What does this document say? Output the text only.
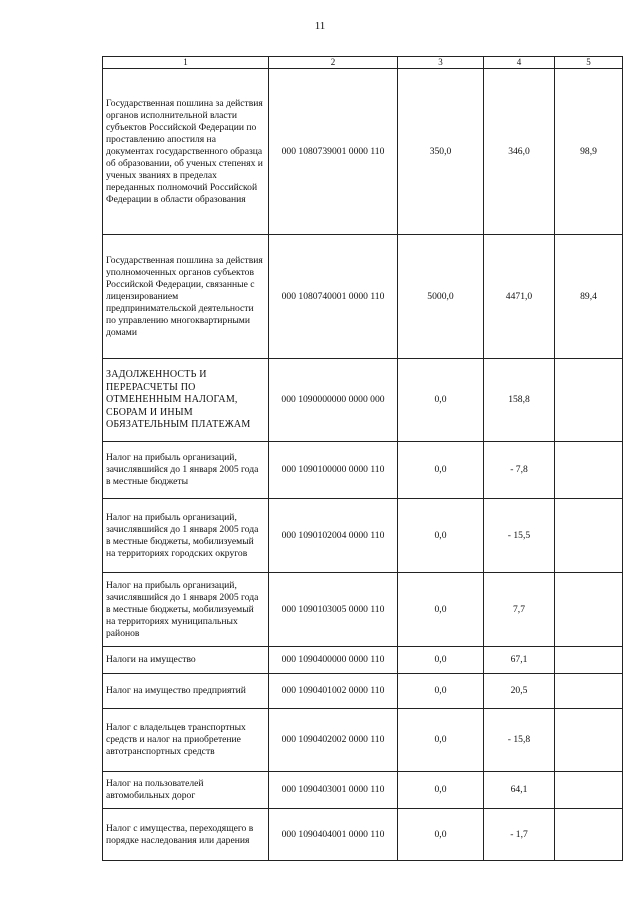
11
1	2	3	4	5
Государственная пошлина за действия органов исполнительной власти субъектов Российской Федерации по проставлению апостиля на документах государственного образца об образовании, об ученых степенях и ученых званиях в пределах переданных полномочий Российской Федерации в области образования	000 1080739001 0000 110	350,0	346,0	98,9
Государственная пошлина за действия уполномоченных органов субъектов Российской Федерации, связанные с лицензированием предпринимательской деятельности по управлению многоквартирными домами	000 1080740001 0000 110	5000,0	4471,0	89,4
ЗАДОЛЖЕННОСТЬ И ПЕРЕРАСЧЕТЫ ПО ОТМЕНЕННЫМ НАЛОГАМ, СБОРАМ И ИНЫМ ОБЯЗАТЕЛЬНЫМ ПЛАТЕЖАМ	000 1090000000 0000 000	0,0	158,8	
Налог на прибыль организаций, зачислявшийся до 1 января 2005 года в местные бюджеты	000 1090100000 0000 110	0,0	- 7,8	
Налог на прибыль организаций, зачислявшийся до 1 января 2005 года в местные бюджеты, мобилизуемый на территориях городских округов	000 1090102004 0000 110	0,0	- 15,5	
Налог на прибыль организаций, зачислявшийся до 1 января 2005 года в местные бюджеты, мобилизуемый на территориях муниципальных районов	000 1090103005 0000 110	0,0	7,7	
Налоги на имущество	000 1090400000 0000 110	0,0	67,1	
Налог на имущество предприятий	000 1090401002 0000 110	0,0	20,5	
Налог с владельцев транспортных средств и налог на приобретение автотранспортных средств	000 1090402002 0000 110	0,0	- 15,8	
Налог на пользователей автомобильных дорог	000 1090403001 0000 110	0,0	64,1	
Налог с имущества, переходящего в порядке наследования или дарения	000 1090404001 0000 110	0,0	- 1,7	
